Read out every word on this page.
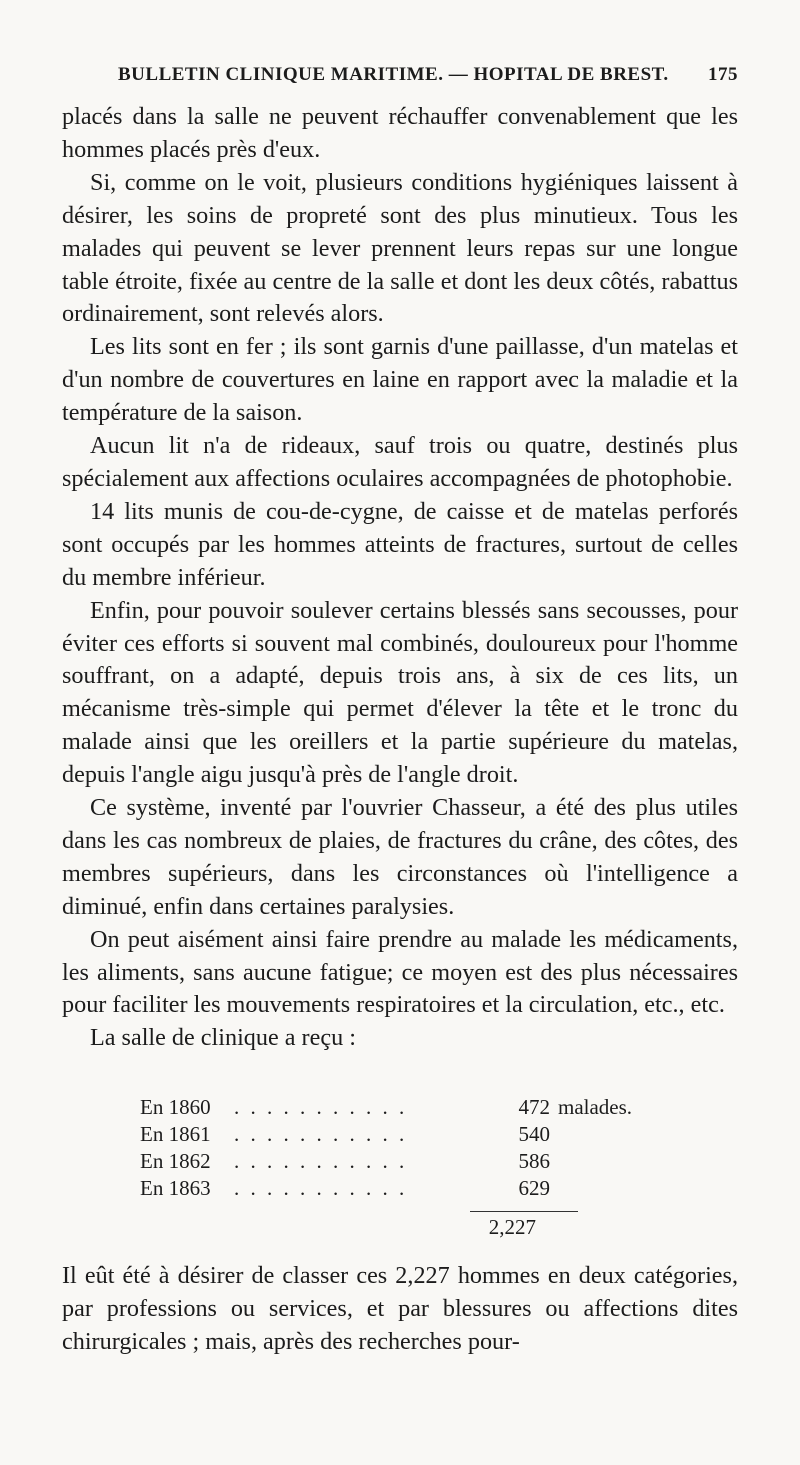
BULLETIN CLINIQUE MARITIME. — HOPITAL DE BREST. 175

placés dans la salle ne peuvent réchauffer convenablement que les hommes placés près d'eux.

Si, comme on le voit, plusieurs conditions hygiéniques laissent à désirer, les soins de propreté sont des plus minutieux. Tous les malades qui peuvent se lever prennent leurs repas sur une longue table étroite, fixée au centre de la salle et dont les deux côtés, rabattus ordinairement, sont relevés alors.

Les lits sont en fer ; ils sont garnis d'une paillasse, d'un matelas et d'un nombre de couvertures en laine en rapport avec la maladie et la température de la saison.

Aucun lit n'a de rideaux, sauf trois ou quatre, destinés plus spécialement aux affections oculaires accompagnées de photophobie.

14 lits munis de cou-de-cygne, de caisse et de matelas perforés sont occupés par les hommes atteints de fractures, surtout de celles du membre inférieur.

Enfin, pour pouvoir soulever certains blessés sans secousses, pour éviter ces efforts si souvent mal combinés, douloureux pour l'homme souffrant, on a adapté, depuis trois ans, à six de ces lits, un mécanisme très-simple qui permet d'élever la tête et le tronc du malade ainsi que les oreillers et la partie supérieure du matelas, depuis l'angle aigu jusqu'à près de l'angle droit.

Ce système, inventé par l'ouvrier Chasseur, a été des plus utiles dans les cas nombreux de plaies, de fractures du crâne, des côtes, des membres supérieurs, dans les circonstances où l'intelligence a diminué, enfin dans certaines paralysies.

On peut aisément ainsi faire prendre au malade les médicaments, les aliments, sans aucune fatigue; ce moyen est des plus nécessaires pour faciliter les mouvements respiratoires et la circulation, etc., etc.

La salle de clinique a reçu :

En 1860	. . . . . . . . . . .	472 malades.
En 1861	. . . . . . . . . . .	540
En 1862	. . . . . . . . . . .	586
En 1863	. . . . . . . . . . .	629
2,227

Il eût été à désirer de classer ces 2,227 hommes en deux catégories, par professions ou services, et par blessures ou affections dites chirurgicales ; mais, après des recherches pour-
